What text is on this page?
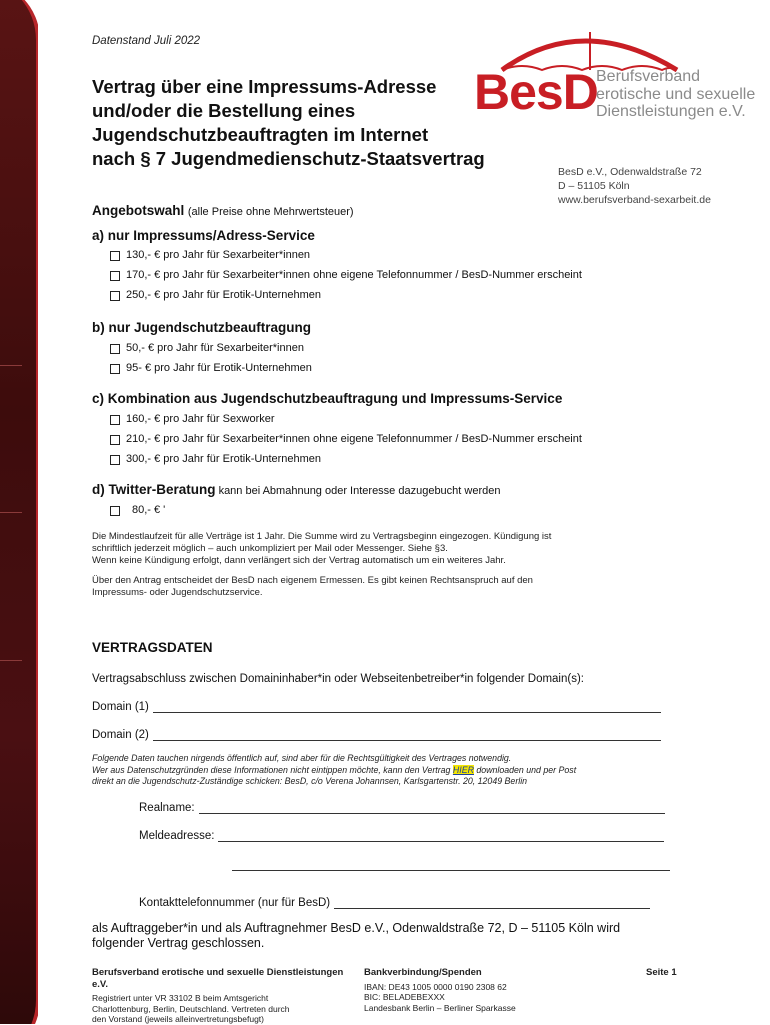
Datenstand Juli 2022
Vertrag über eine Impressums-Adresse
und/oder die Bestellung eines
Jugendschutzbeauftragten im Internet
nach § 7 Jugendmedienschutz-Staatsvertrag
BesD
Berufsverband
erotische und sexuelle
Dienstleistungen e.V.
BesD e.V., Odenwaldstraße 72
D – 51105 Köln
www.berufsverband-sexarbeit.de
Angebotswahl (alle Preise ohne Mehrwertsteuer)
a) nur Impressums/Adress-Service
130,- € pro Jahr für Sexarbeiter*innen
170,- € pro Jahr für Sexarbeiter*innen ohne eigene Telefonnummer / BesD-Nummer erscheint
250,- € pro Jahr für Erotik-Unternehmen
b) nur Jugendschutzbeauftragung
50,- € pro Jahr für Sexarbeiter*innen
95- € pro Jahr für Erotik-Unternehmen
c) Kombination aus Jugendschutzbeauftragung und Impressums-Service
160,- € pro Jahr für Sexworker
210,- € pro Jahr für Sexarbeiter*innen ohne eigene Telefonnummer / BesD-Nummer erscheint
300,- € pro Jahr für Erotik-Unternehmen
d) Twitter-Beratung kann bei Abmahnung oder Interesse dazugebucht werden
80,- € '
Die Mindestlaufzeit für alle Verträge ist 1 Jahr. Die Summe wird zu Vertragsbeginn eingezogen. Kündigung ist
schriftlich jederzeit möglich – auch unkompliziert per Mail oder Messenger. Siehe §3.
Wenn keine Kündigung erfolgt, dann verlängert sich der Vertrag automatisch um ein weiteres Jahr.
Über den Antrag entscheidet der BesD nach eigenem Ermessen. Es gibt keinen Rechtsanspruch auf den
Impressums- oder Jugendschutzservice.
VERTRAGSDATEN
Vertragsabschluss zwischen Domaininhaber*in oder Webseitenbetreiber*in folgender Domain(s):
Domain (1)
Domain (2)
Folgende Daten tauchen nirgends öffentlich auf, sind aber für die Rechtsgültigkeit des Vertrages notwendig.
Wer aus Datenschutzgründen diese Informationen nicht eintippen möchte, kann den Vertrag HIER downloaden und per Post
direkt an die Jugendschutz-Zuständige schicken: BesD, c/o Verena Johannsen, Karlsgartenstr. 20, 12049 Berlin
Realname:
Meldeadresse:
Kontakttelefonnummer (nur für BesD)
als Auftraggeber*in und als Auftragnehmer BesD e.V., Odenwaldstraße 72, D – 51105 Köln wird folgender Vertrag geschlossen.
Berufsverband erotische und sexuelle Dienstleistungen e.V.
Registriert unter VR 33102 B beim Amtsgericht
Charlottenburg, Berlin, Deutschland. Vertreten durch
den Vorstand (jeweils alleinvertretungsbefugt)
Bankverbindung/Spenden
IBAN: DE43 1005 0000 0190 2308 62
BIC: BELADEBEXXX
Landesbank Berlin – Berliner Sparkasse
Seite 1
